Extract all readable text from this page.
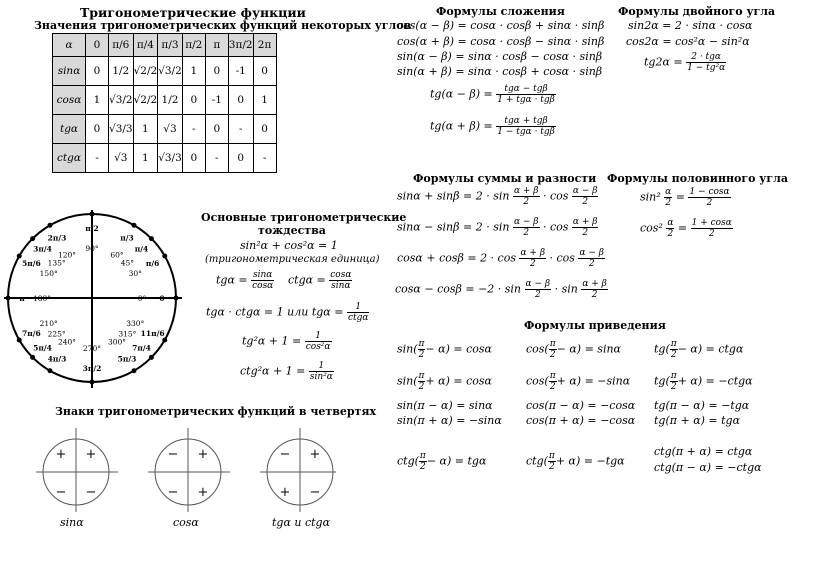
Тригонометрические функции
Значения тригонометрических функций некоторых углов
α	0	π/6	π/4	π/3	π/2	π	3π/2	2π
sinα	0	1/2	√2/2	√3/2	1	0	-1	0
cosα	1	√3/2	√2/2	1/2	0	-1	0	1
tgα	0	√3/3	1	√3	-	0	-	0
ctgα	-	√3	1	√3/3	0	-	0	-
π/2
90°
π/3
60°
π/4
45° π/6
30°
0
0°
2π/3
120°
3π/4
135°
5π/6
150°
π 180°
7π/6
210°
5π/4
225°
4π/3
240°
3π/2
270°
5π/3
300°
7π/4
315° 11π/6
330°
Основные тригонометрические
тождества
sin²α + cos²α = 1
(тригонометрическая единица)
$tg\alpha = \frac{\sin\alpha}{\cos\alpha}$ $ctg\alpha = \frac{\cos\alpha}{\sin\alpha}$
tgα · ctgα = 1 или $tg\alpha = \frac{1}{\text{ctgα}}$
$tg^2\alpha + 1 = \frac{1}{\text{cos²α}}$
$ctg^2\alpha + 1 = \frac{1}{\text{sin²α}}$
Знаки тригонометрических функций в четвертях
+ +
− −
− +
− +
− +
+ −
sinα	cosα	tgα и ctgα
Формулы сложения
cos(α − β) = cosα · cosβ + sinα · sinβ
cos(α + β) = cosα · cosβ − sinα · sinβ
sin(α − β) = sinα · cosβ − cosα · sinβ
sin(α + β) = sinα · cosβ + cosα · sinβ
$tg(\alpha - \beta) = \frac{\text{tgα − tgβ}}{\text{1 + tgα · tgβ}}$
$tg(\alpha + \beta) = \frac{\text{tgα + tgβ}}{\text{1 − tgα · tgβ}}$
Формулы двойного угла
sin2α = 2 · sinα · cosα
cos2α = cos²α − sin²α
$tg2\alpha = \frac{\text{2 · tgα}}{\text{1 − tg²α}}$
Формулы суммы и разности
$\sin\alpha + \sin\beta = 2 \cdot \sin \frac{\alpha + \beta}{2} \cdot \cos \frac{\alpha - \beta}{2}$
$\sin\alpha - \sin\beta = 2 \cdot \sin \frac{\alpha - \beta}{2} \cdot \cos \frac{\alpha + \beta}{2}$
$\cos\alpha + \cos\beta = 2 \cdot \cos \frac{\alpha + \beta}{2} \cdot \cos \frac{\alpha - \beta}{2}$
$\cos\alpha - \cos\beta = -2 \cdot \sin \frac{\alpha - \beta}{2} \cdot \sin \frac{\alpha + \beta}{2}$
Формулы половинного угла
$\sin^2 \frac{\alpha}{2} = \frac{1 - \cos\alpha}{2}$
$\cos^2 \frac{\alpha}{2} = \frac{1 + \cos\alpha}{2}$
Формулы приведения
$\sin( \frac{\pi}{2} - \alpha) = \cos\alpha$
$\sin( \frac{\pi}{2} + \alpha) = \cos\alpha$
sin(π − α) = sinα
sin(π + α) = −sinα
$ctg( \frac{\pi}{2} - \alpha) = tg\alpha$
$\cos( \frac{\pi}{2} - \alpha) = \sin\alpha$
$\cos( \frac{\pi}{2} + \alpha) = -\sin\alpha$
cos(π − α) = −cosα
cos(π + α) = −cosα
$ctg( \frac{\pi}{2} + \alpha) = -tg\alpha$
$tg( \frac{\pi}{2} - \alpha) = ctg\alpha$
$tg( \frac{\pi}{2} + \alpha) = -ctg\alpha$
tg(π − α) = −tgα
tg(π + α) = tgα
ctg(π + α) = ctgα
ctg(π − α) = −ctgα
